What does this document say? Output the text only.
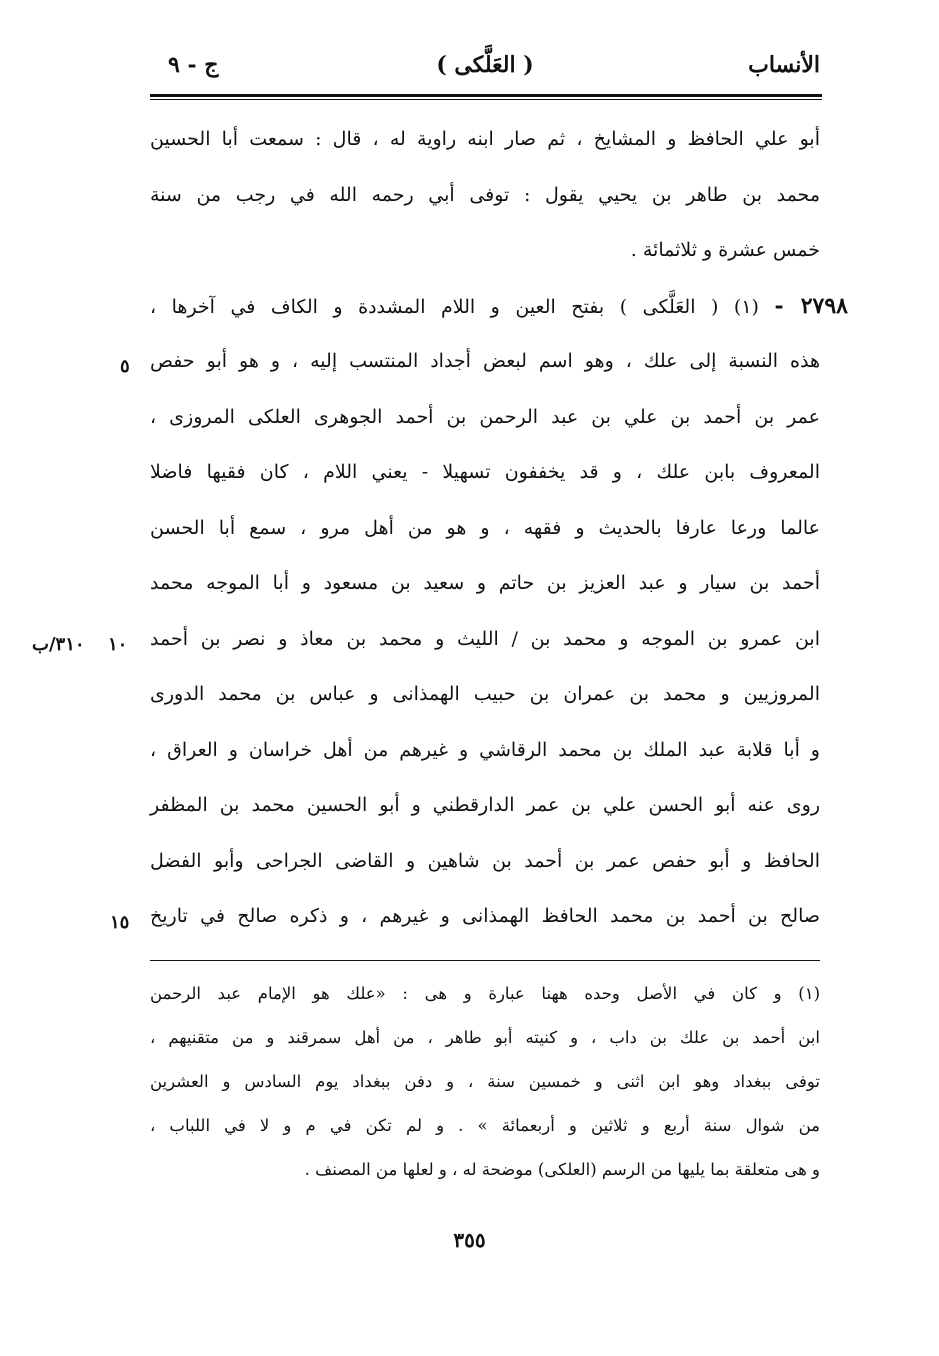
الأنساب
( العَلَّكى )
ج - ٩
أبو علي الحافظ و المشايخ ، ثم صار ابنه راوية له ، قال : سمعت أبا الحسين
محمد بن طاهر بن يحيي يقول : توفى أبي رحمه الله في رجب من سنة
خمس عشرة و ثلاثمائة .
٢٧٩٨ - (١) ( العَلَّكى ) بفتح العين و اللام المشددة و الكاف في آخرها ،
هذه النسبة إلى علك ، وهو اسم لبعض أجداد المنتسب إليه ، و هو أبو حفص
عمر بن أحمد بن علي بن عبد الرحمن بن أحمد الجوهرى العلكى المروزى ،
المعروف بابن علك ، و قد يخففون تسهيلا - يعني اللام ، كان فقيها فاضلا
عالما ورعا عارفا بالحديث و فقهه ، و هو من أهل مرو ، سمع أبا الحسن
أحمد بن سيار و عبد العزيز بن حاتم و سعيد بن مسعود و أبا الموجه محمد
ابن عمرو بن الموجه و محمد بن / الليث و محمد بن معاذ و نصر بن أحمد
المروزيين و محمد بن عمران بن حبيب الهمذانى و عباس بن محمد الدورى
و أبا قلابة عبد الملك بن محمد الرقاشي و غيرهم من أهل خراسان و العراق ،
روى عنه أبو الحسن علي بن عمر الدارقطني و أبو الحسين محمد بن المظفر
الحافظ و أبو حفص عمر بن أحمد بن شاهين و القاضى الجراحى وأبو الفضل
صالح بن أحمد بن محمد الحافظ الهمذانى و غيرهم ، و ذكره صالح في تاريخ
٥
١٠
٣١٠/ب
١٥
(١) و كان في الأصل وحده ههنا عبارة و هى : «علك هو الإمام عبد الرحمن
ابن أحمد بن علك بن داب ، و كنيته أبو طاهر ، من أهل سمرقند و من متقنيهم ،
توفى ببغداد وهو ابن اثنى و خمسين سنة ، و دفن ببغداد يوم السادس و العشرين
من شوال سنة أربع و ثلاثين و أربعمائة » . و لم تكن في م و لا في اللباب ،
و هى متعلقة بما يليها من الرسم (العلكى) موضحة له ، و لعلها من المصنف .
٣٥٥
